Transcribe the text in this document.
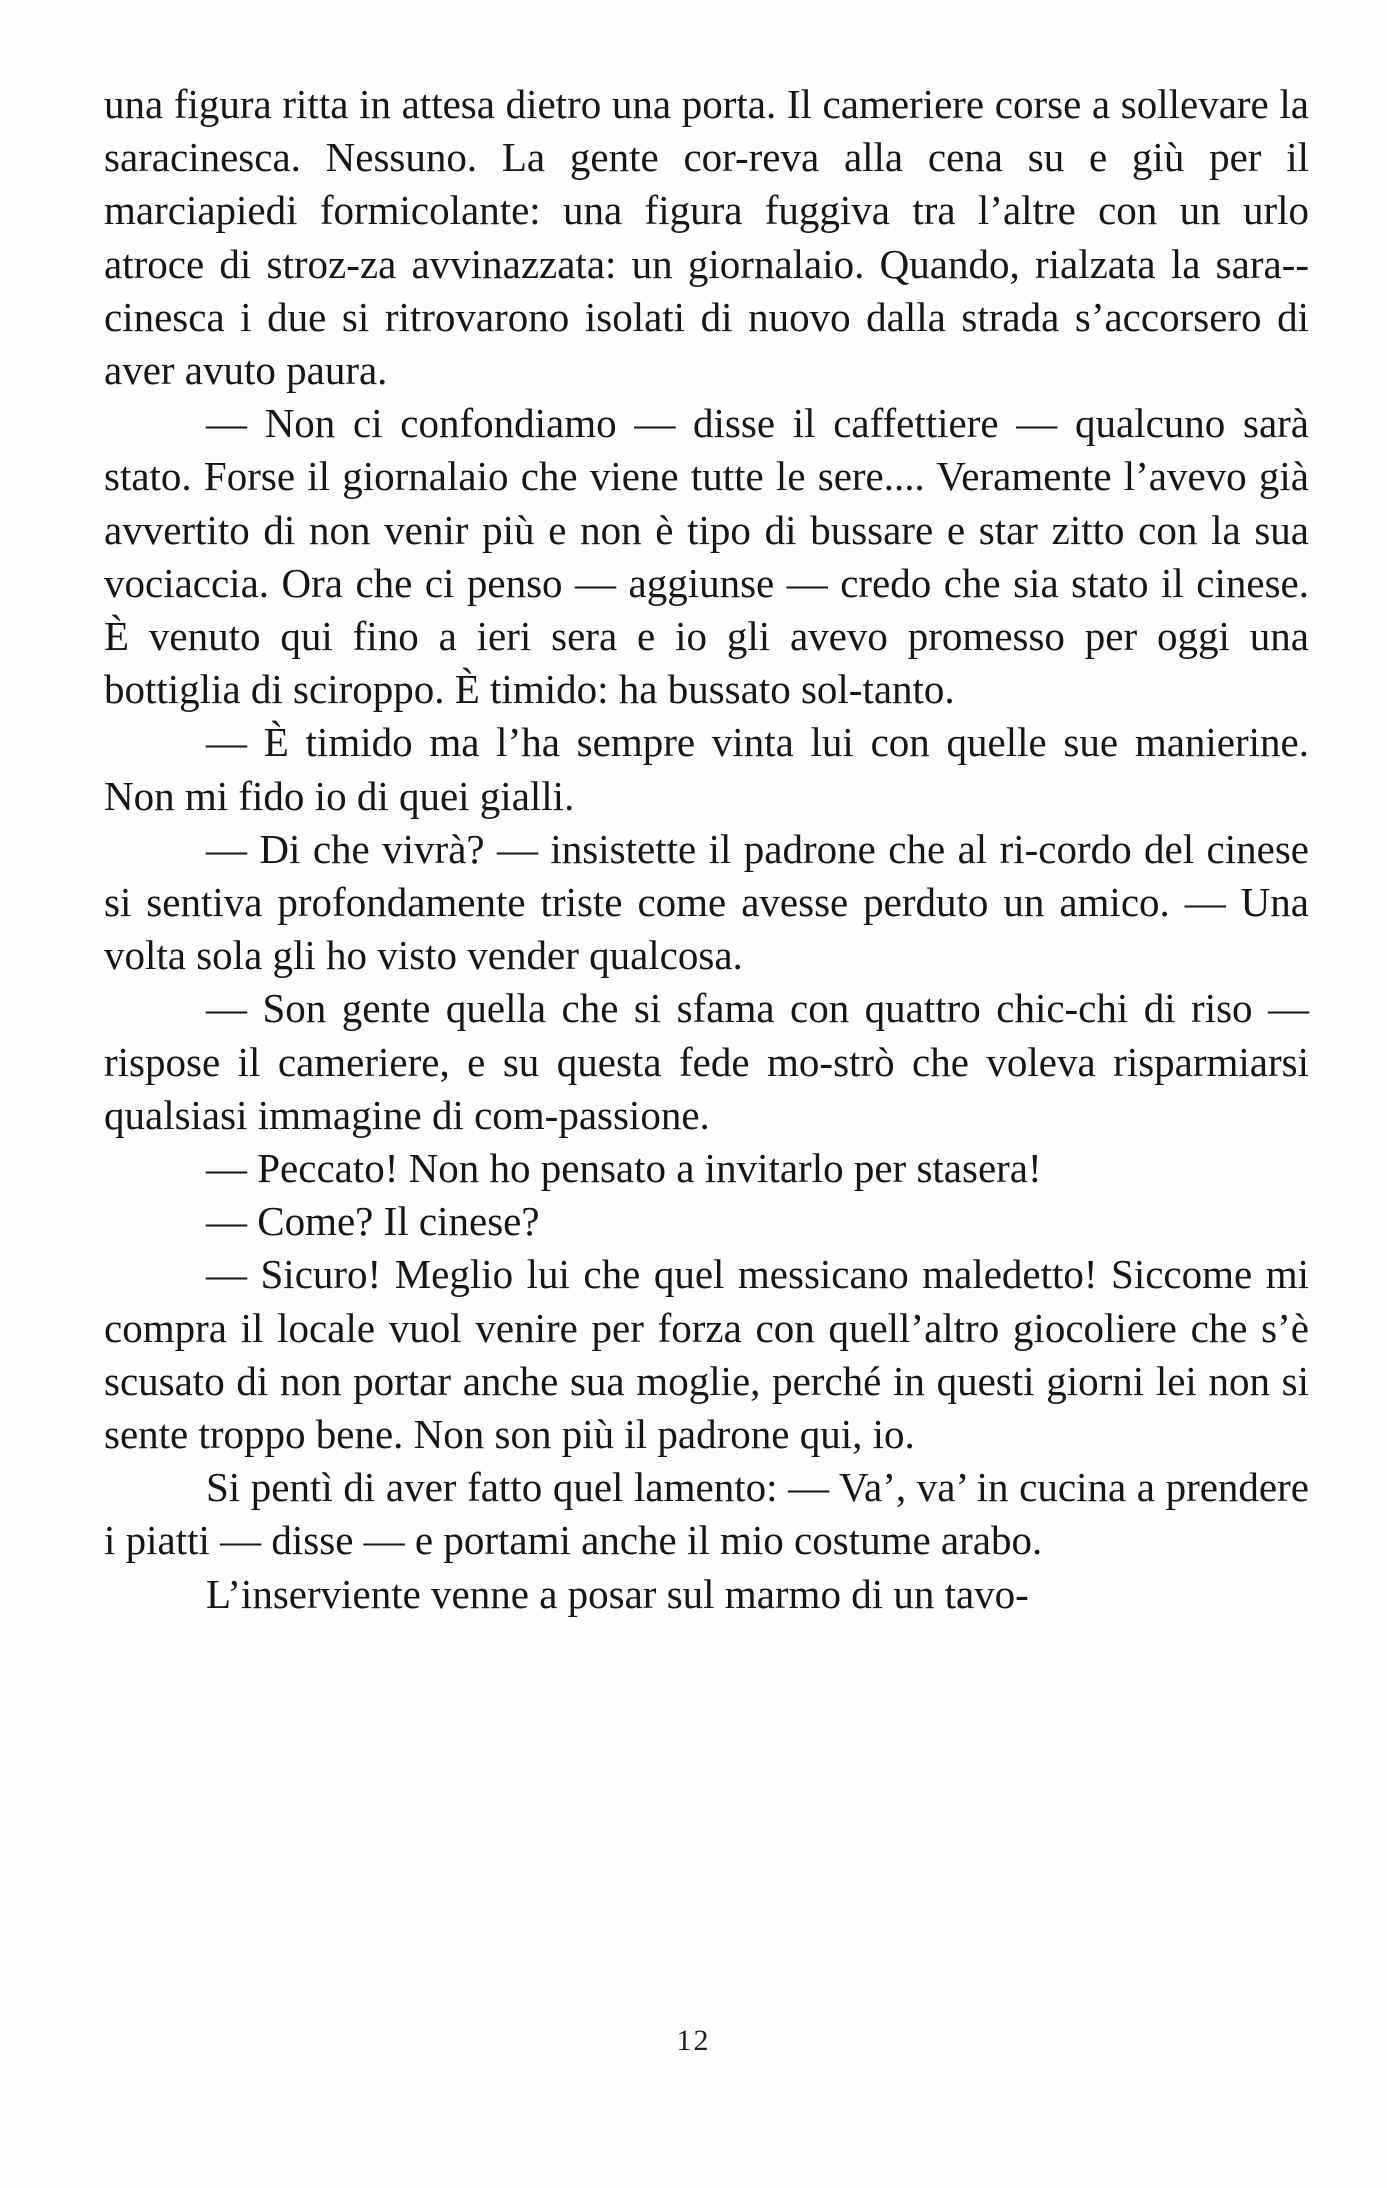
una figura ritta in attesa dietro una porta. Il cameriere corse a sollevare la saracinesca. Nessuno. La gente cor-reva alla cena su e giù per il marciapiedi formicolante: una figura fuggiva tra l’altre con un urlo atroce di stroz-za avvinazzata: un giornalaio. Quando, rialzata la sara-cinesca i due si ritrovarono isolati di nuovo dalla strada s’accorsero di aver avuto paura.

— Non ci confondiamo — disse il caffettiere — qualcuno sarà stato. Forse il giornalaio che viene tutte le sere.... Veramente l’avevo già avvertito di non venir più e non è tipo di bussare e star zitto con la sua vociaccia. Ora che ci penso — aggiunse — credo che sia stato il cinese. È venuto qui fino a ieri sera e io gli avevo promesso per oggi una bottiglia di sciroppo. È timido: ha bussato sol-tanto.

— È timido ma l’ha sempre vinta lui con quelle sue manierine. Non mi fido io di quei gialli.

— Di che vivrà? — insistette il padrone che al ri-cordo del cinese si sentiva profondamente triste come avesse perduto un amico. — Una volta sola gli ho visto vender qualcosa.

— Son gente quella che si sfama con quattro chic-chi di riso — rispose il cameriere, e su questa fede mo-strò che voleva risparmiarsi qualsiasi immagine di com-passione.

— Peccato! Non ho pensato a invitarlo per stasera!

— Come? Il cinese?

— Sicuro! Meglio lui che quel messicano maledetto! Siccome mi compra il locale vuol venire per forza con quell’altro giocoliere che s’è scusato di non portar anche sua moglie, perché in questi giorni lei non si sente troppo bene. Non son più il padrone qui, io.

Si pentì di aver fatto quel lamento: — Va’, va’ in cucina a prendere i piatti — disse — e portami anche il mio costume arabo.

L’inserviente venne a posar sul marmo di un tavo-

12
